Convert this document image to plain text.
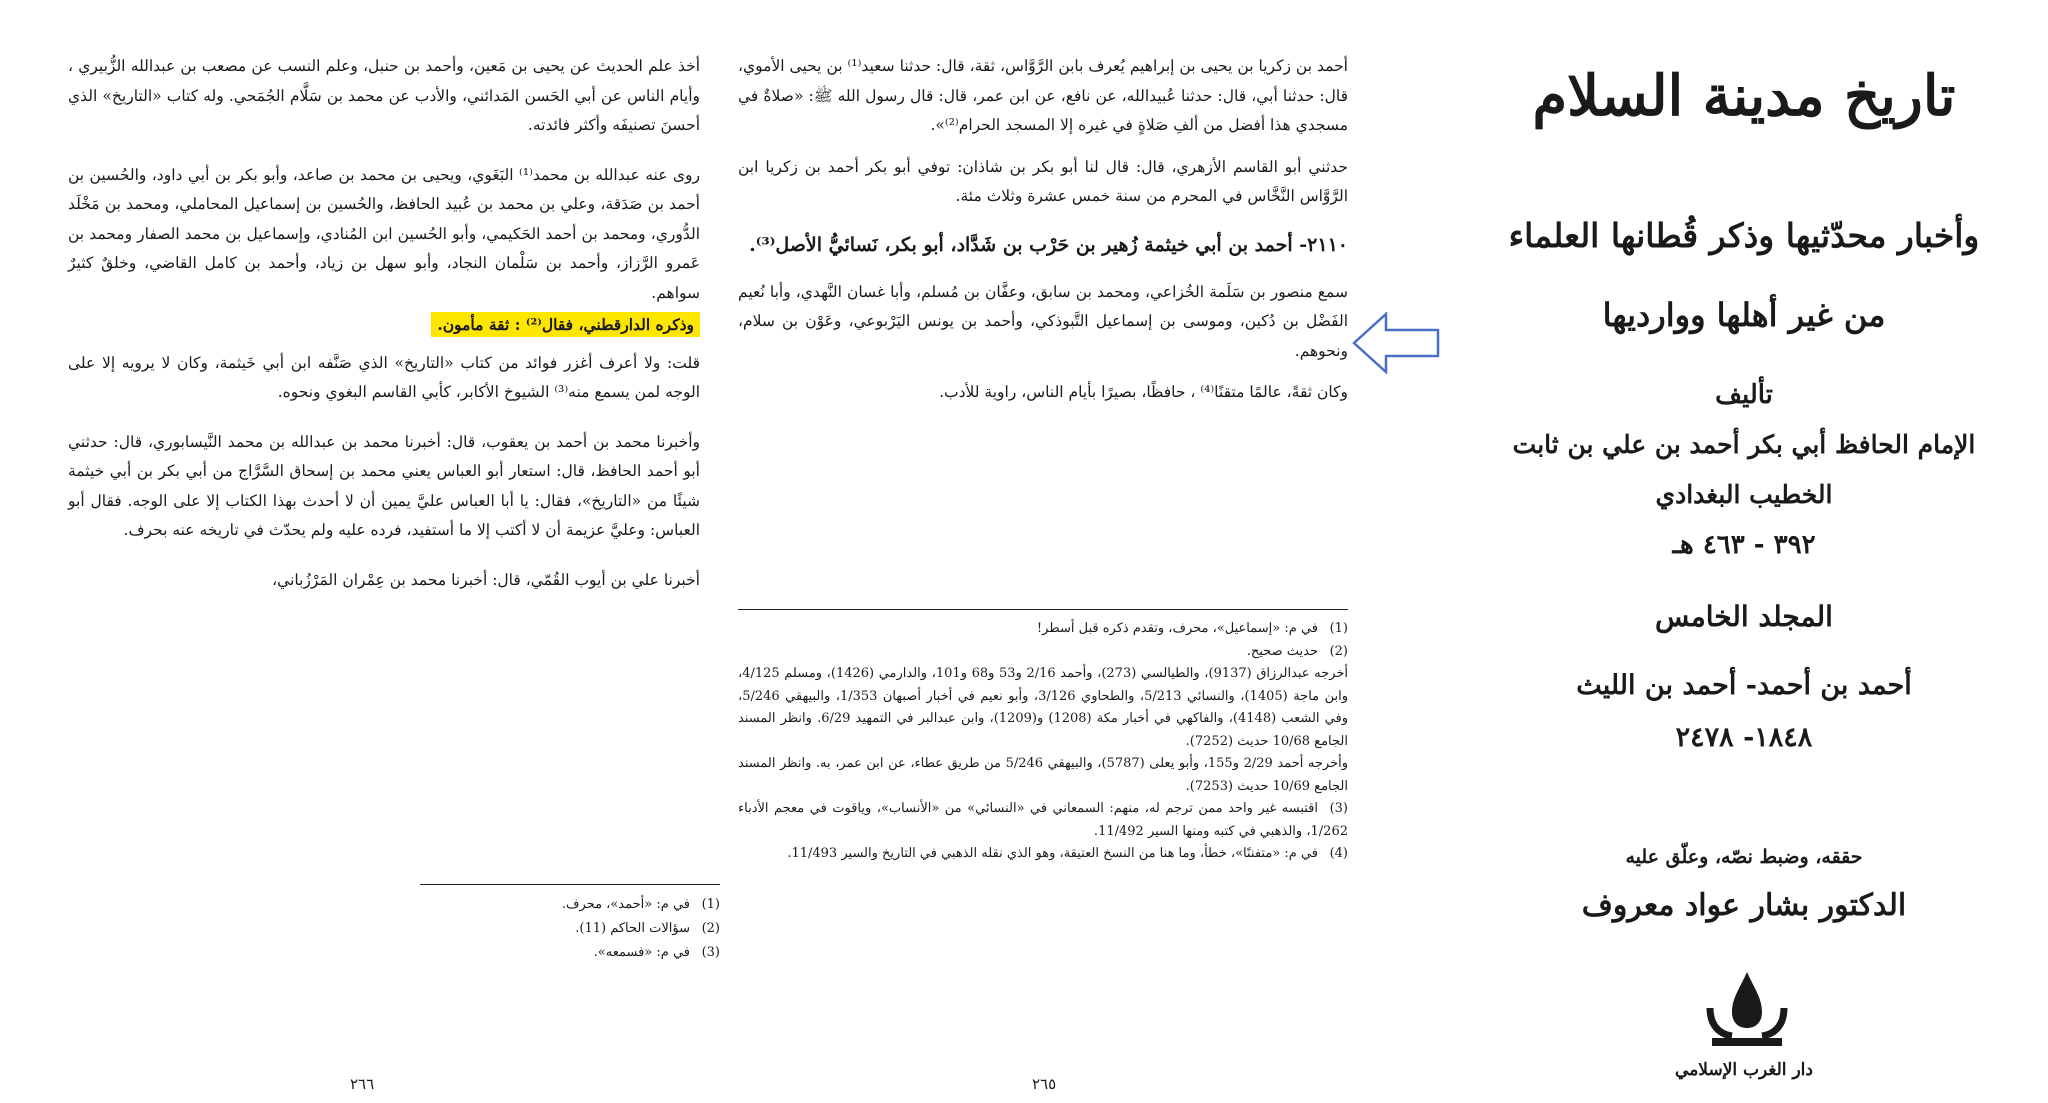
أخذ علم الحديث عن يحيى بن مَعين، وأحمد بن حنبل، وعلم النسب عن مصعب بن عبدالله الزُّبيري ، وأيام الناس عن أبي الحَسن المَدائني، والأدب عن محمد بن سَلَّام الجُمَحي. وله كتاب «التاريخ» الذي أحسنَ تصنيفَه وأكثر فائدته.

روى عنه عبدالله بن محمد⁽¹⁾ البَغَوي، ويحيى بن محمد بن صاعد، وأبو بكر بن أبي داود، والحُسين بن أحمد بن صَدَقة، وعلي بن محمد بن عُبيد الحافظ، والحُسين بن إسماعيل المحاملي، ومحمد بن مَخْلَد الدُّوري، ومحمد بن أحمد الحَكيمي، وأبو الحُسين ابن المُنادي، وإسماعيل بن محمد الصفار ومحمد بن عَمرو الرَّزاز، وأحمد بن سَلْمان النجاد، وأبو سهل بن زياد، وأحمد بن كامل القاضي، وخلقٌ كثيرٌ سواهم.

وذكره الدارقطني، فقال⁽²⁾ : ثقة مأمون.

قلت: ولا أعرف أغزر فوائد من كتاب «التاريخ» الذي صَنَّفه ابن أبي خَيثمة، وكان لا يرويه إلا على الوجه لمن يسمع منه⁽³⁾ الشيوخ الأكابر، كأبي القاسم البغوي ونحوه.

وأخبرنا محمد بن أحمد بن يعقوب، قال: أخبرنا محمد بن عبدالله بن محمد النَّيسابوري، قال: حدثني أبو أحمد الحافظ، قال: استعار أبو العباس يعني محمد بن إسحاق السَّرَّاج من أبي بكر بن أبي خيثمة شيئًا من «التاريخ»، فقال: يا أبا العباس عليَّ يمين أن لا أحدث بهذا الكتاب إلا على الوجه. فقال أبو العباس: وعليَّ عزيمة أن لا أكتب إلا ما أستفيد، فرده عليه ولم يحدّث في تاريخه عنه بحرف.

أخبرنا علي بن أيوب القُمّي، قال: أخبرنا محمد بن عِمْران المَرْزُباني،

(1)في م: «أحمد»، محرف.

(2)سؤالات الحاكم (11).

(3)في م: «فسمعه».

٢٦٦

أحمد بن زكريا بن يحيى بن إبراهيم يُعرف بابن الرَّوَّاس، ثقة، قال: حدثنا سعيد⁽¹⁾ بن يحيى الأموي، قال: حدثنا أبي، قال: حدثنا عُبيدالله، عن نافع، عن ابن عمر، قال: قال رسول الله ﷺ: «صلاةٌ في مسجدي هذا أفضل من ألفِ صَلاةٍ في غيره إلا المسجد الحرام⁽²⁾».

حدثني أبو القاسم الأزهري، قال: قال لنا أبو بكر بن شاذان: توفي أبو بكر أحمد بن زكريا ابن الرَّوَّاس النَّخَّاس في المحرم من سنة خمس عشرة وثلاث مئة.

٢١١٠- أحمد بن أبي خيثمة زُهير بن حَرْب بن شَدَّاد، أبو بكر، نَسائيُّ الأصل⁽³⁾.

سمع منصور بن سَلَمة الخُزاعي، ومحمد بن سابق، وعفَّان بن مُسلم، وأبا غسان النَّهدي، وأبا نُعيم الفَضْل بن دُكين، وموسى بن إسماعيل التَّبوذكي، وأحمد بن يونس اليَرْبوعي، وعَوْن بن سلام، ونحوهم.

وكان ثقةً، عالمًا متقنًا⁽⁴⁾ ، حافظًا، بصيرًا بأيام الناس، راوية للأدب.

(1)في م: «إسماعيل»، محرف، وتقدم ذكره قبل أسطر!

(2)حديث صحيح.

أخرجه عبدالرزاق (9137)، والطيالسي (273)، وأحمد 2/16 و53 و68 و101، والدارمي (1426)، ومسلم 4/125، وابن ماجة (1405)، والنسائي 5/213، والطحاوي 3/126، وأبو نعيم في أخبار أصبهان 1/353، والبيهقي 5/246، وفي الشعب (4148)، والفاكهي في أخبار مكة (1208) و(1209)، وابن عبدالبر في التمهيد 6/29. وانظر المسند الجامع 10/68 حديث (7252).

وأخرجه أحمد 2/29 و155، وأبو يعلى (5787)، والبيهقي 5/246 من طريق عطاء، عن ابن عمر، به. وانظر المسند الجامع 10/69 حديث (7253).

(3)اقتبسه غير واحد ممن ترجم له، منهم: السمعاني في «النسائي» من «الأنساب»، وياقوت في معجم الأدباء 1/262، والذهبي في كتبه ومنها السير 11/492.

(4)في م: «متفننًا»، خطأ، وما هنا من النسخ العتيقة، وهو الذي نقله الذهبي في التاريخ والسير 11/493.

٢٦٥
تاريخ مدينة السلام
وأخبار محدّثيها وذكر قُطانها العلماء
من غير أهلها ووارديها
تأليف
الإمام الحافظ أبي بكر أحمد بن علي بن ثابت
الخطيب البغدادي
٣٩٢ - ٤٦٣ هـ
المجلد الخامس
أحمد بن أحمد- أحمد بن الليث
١٨٤٨- ٢٤٧٨
حققه، وضبط نصّه، وعلّق عليه
الدكتور بشار عواد معروف
دار الغرب الإسلامي
